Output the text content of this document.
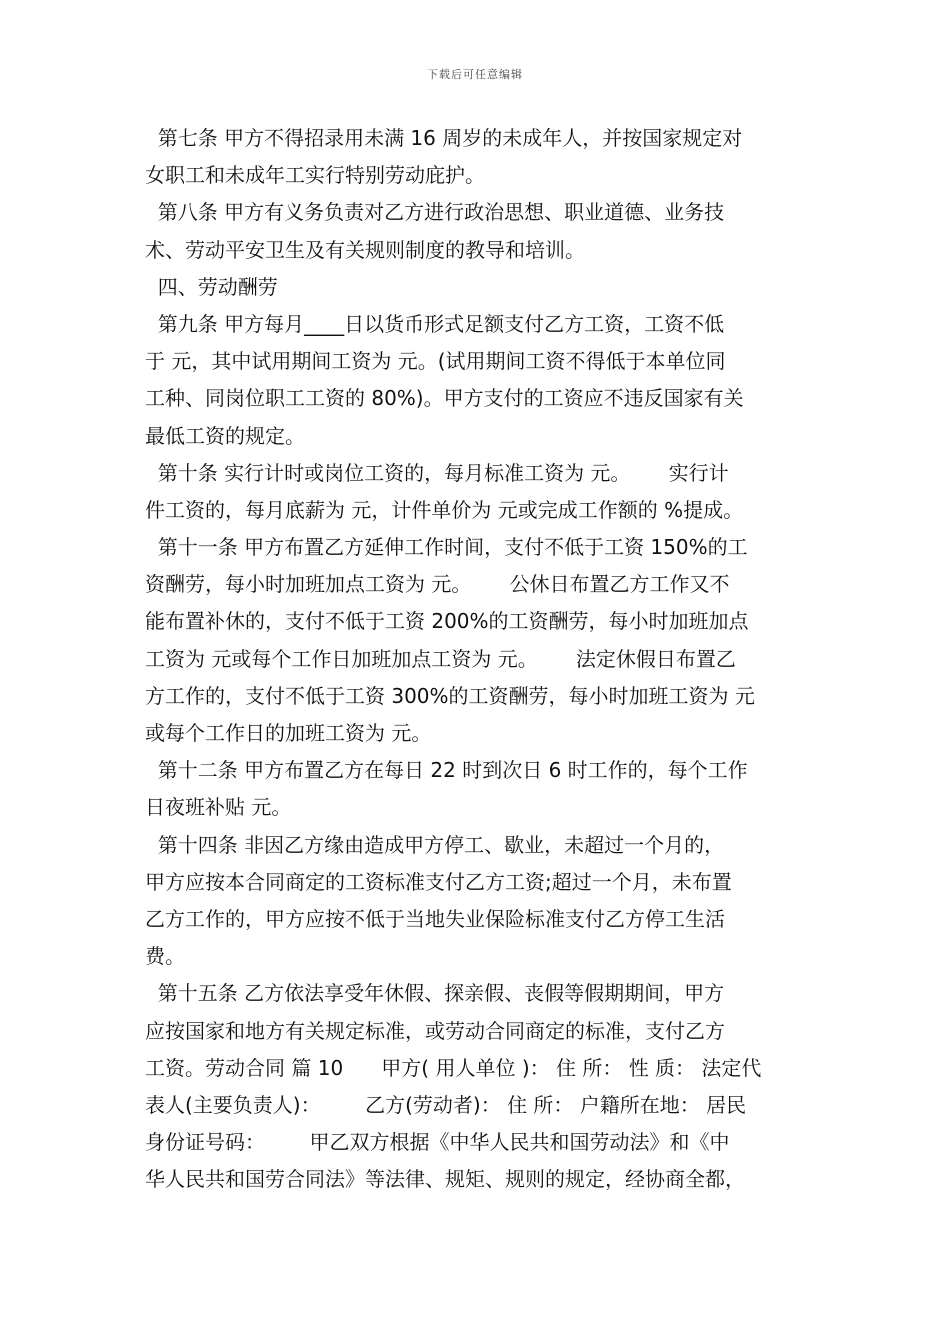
下载后可任意编辑
第七条 甲方不得招录用未满 16 周岁的未成年人，并按国家规定对
女职工和未成年工实行特别劳动庇护。
第八条 甲方有义务负责对乙方进行政治思想、职业道德、业务技
术、劳动平安卫生及有关规则制度的教导和培训。
四、劳动酬劳
第九条 甲方每月____日以货币形式足额支付乙方工资，工资不低
于 元，其中试用期间工资为 元。(试用期间工资不得低于本单位同
工种、同岗位职工工资的 80%)。甲方支付的工资应不违反国家有关
最低工资的规定。
第十条 实行计时或岗位工资的，每月标准工资为 元。      实行计
件工资的，每月底薪为 元，计件单价为 元或完成工作额的 %提成。
第十一条 甲方布置乙方延伸工作时间，支付不低于工资 150%的工
资酬劳，每小时加班加点工资为 元。      公休日布置乙方工作又不
能布置补休的，支付不低于工资 200%的工资酬劳，每小时加班加点
工资为 元或每个工作日加班加点工资为 元。      法定休假日布置乙
方工作的，支付不低于工资 300%的工资酬劳，每小时加班工资为 元
或每个工作日的加班工资为 元。
第十二条 甲方布置乙方在每日 22 时到次日 6 时工作的，每个工作
日夜班补贴 元。
第十四条 非因乙方缘由造成甲方停工、歇业，未超过一个月的，
甲方应按本合同商定的工资标准支付乙方工资;超过一个月，未布置
乙方工作的，甲方应按不低于当地失业保险标准支付乙方停工生活
费。
第十五条 乙方依法享受年休假、探亲假、丧假等假期期间，甲方
应按国家和地方有关规定标准，或劳动合同商定的标准，支付乙方
工资。劳动合同 篇 10      甲方( 用人单位 )： 住 所： 性 质： 法定代
表人(主要负责人)：       乙方(劳动者)： 住 所： 户籍所在地： 居民
身份证号码：       甲乙双方根据《中华人民共和国劳动法》和《中
华人民共和国劳合同法》等法律、规矩、规则的规定，经协商全都，
